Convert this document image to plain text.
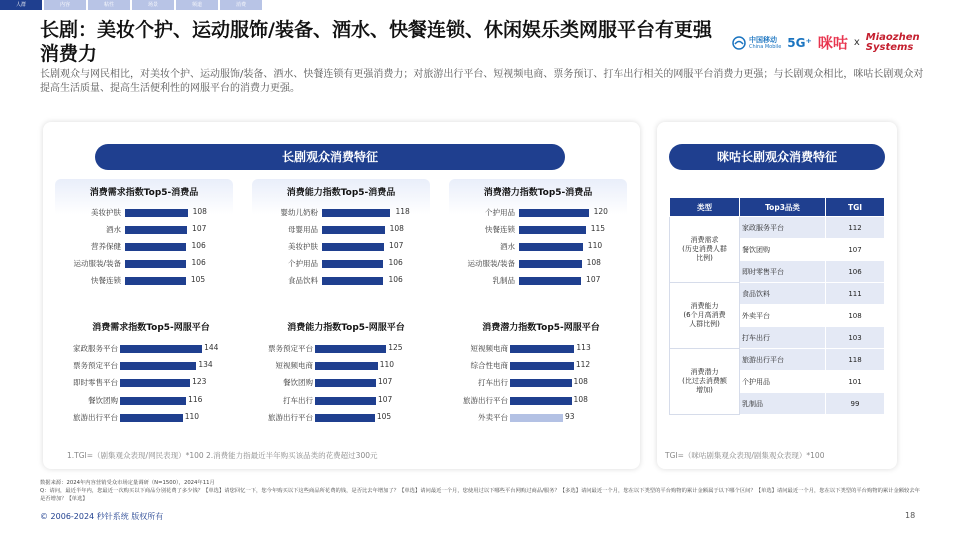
人群	内容	粘性	场景	频道	消费
长剧：美妆个护、运动服饰/装备、酒水、快餐连锁、休闲娱乐类网服平台有更强消费力
长剧观众与网民相比，对美妆个护、运动服饰/装备、酒水、快餐连锁有更强消费力；对旅游出行平台、短视频电商、票务预订、打车出行相关的网服平台消费力更强；与长剧观众相比，咪咕长剧观众对提高生活质量、提高生活便利性的网服平台的消费力更强。
中国移动
China Mobile 5G⁺ 咪咕 x Miaozhen
Systems
长剧观众消费特征
消费需求指数Top5-消费品
美妆护肤	108
酒水	107
营养保健	106
运动服装/装备	106
快餐连锁	105
消费能力指数Top5-消费品
婴幼儿奶粉	118
母婴用品	108
美妆护肤	107
个护用品	106
食品饮料	106
消费潜力指数Top5-消费品
个护用品	120
快餐连锁	115
酒水	110
运动服装/装备	108
乳制品	107
消费需求指数Top5-网服平台
家政服务平台	144
票务预定平台	134
即时零售平台	123
餐饮团购	116
旅游出行平台	110
消费能力指数Top5-网服平台
票务预定平台	125
短视频电商	110
餐饮团购	107
打车出行	107
旅游出行平台	105
消费潜力指数Top5-网服平台
短视频电商	113
综合性电商	112
打车出行	108
旅游出行平台	108
外卖平台	93
1.TGI=（剧集观众表现/网民表现）*100 2.消费能力指最近半年购买该品类的花费超过300元
咪咕长剧观众消费特征
类型	Top3品类	TGI
消费需求
(历史消费人群
比例)	家政服务平台	112
	餐饮团购	107
	即时零售平台	106
消费能力
(6个月高消费
人群比例)	食品饮料	111
	外卖平台	108
	打车出行	103
消费潜力
(比过去消费额
增加)	旅游出行平台	118
	个护用品	101
	乳制品	99
TGI=（咪咕剧集观众表现/剧集观众表现）*100
数据来源：2024年内容营销受众市场定量调研（N=1500），2024年11月
Q：请问，最近半年内，您最近一次购买以下商品分别花费了多少钱？【单选】请您回忆一下，您今年购买以下这些商品所花费的钱，是否比去年增加了？【单选】请问最近一个月，您使用过以下哪些平台网购过商品/服务？【多选】请问最近一个月，您在以下类型的平台购物的累计金额属于以下哪个区间？【单选】请问最近一个月，您在以下类型的平台购物的累计金额较去年是否增加？【单选】
© 2006-2024 秒针系统 版权所有	18
